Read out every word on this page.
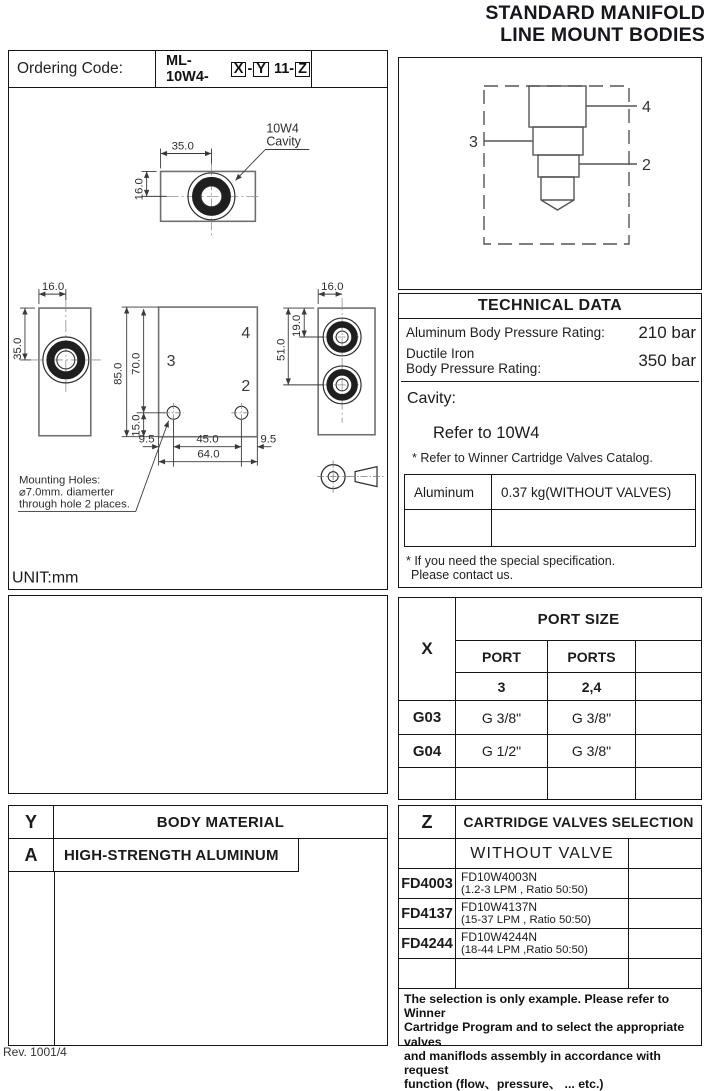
STANDARD MANIFOLD
LINE MOUNT BODIES
Ordering Code:	ML-10W4-
X - Y 11- Z
35.0
16.0
10W4
Cavity
16.0
35.0
3
4
2
85.0 70.0
15.0
9.5	45.0	9.5
64.0
16.0
19.0
51.0
Mounting Holes:
⌀7.0mm. diamerter
through hole 2 places.
UNIT:mm
Y	BODY MATERIAL
A	HIGH-STRENGTH ALUMINUM
4
3
2
TECHNICAL DATA
Aluminum Body Pressure Rating: 210 bar
Ductile Iron
Body Pressure Rating:	350 bar
Cavity:
Refer to 10W4
* Refer to Winner Cartridge Valves Catalog.
Aluminum	0.37 kg(WITHOUT VALVES)
* If you need the special specification.
Please contact us.
X
PORT SIZE
PORT	PORTS
3	2,4
G03	G 3/8"	G 3/8"
G04	G 1/2"	G 3/8"
Z	CARTRIDGE VALVES SELECTION
WITHOUT VALVE
FD4003 FD10W4003N
(1.2-3 LPM , Ratio 50:50)
FD4137 FD10W4137N
(15-37 LPM , Ratio 50:50)
FD4244 FD10W4244N
(18-44 LPM ,Ratio 50:50)
The selection is only example. Please refer to Winner
Cartridge Program and to select the appropriate valves
and maniflods assembly in accordance with request
function (flow、pressure、 ... etc.)
Rev. 1001/4
